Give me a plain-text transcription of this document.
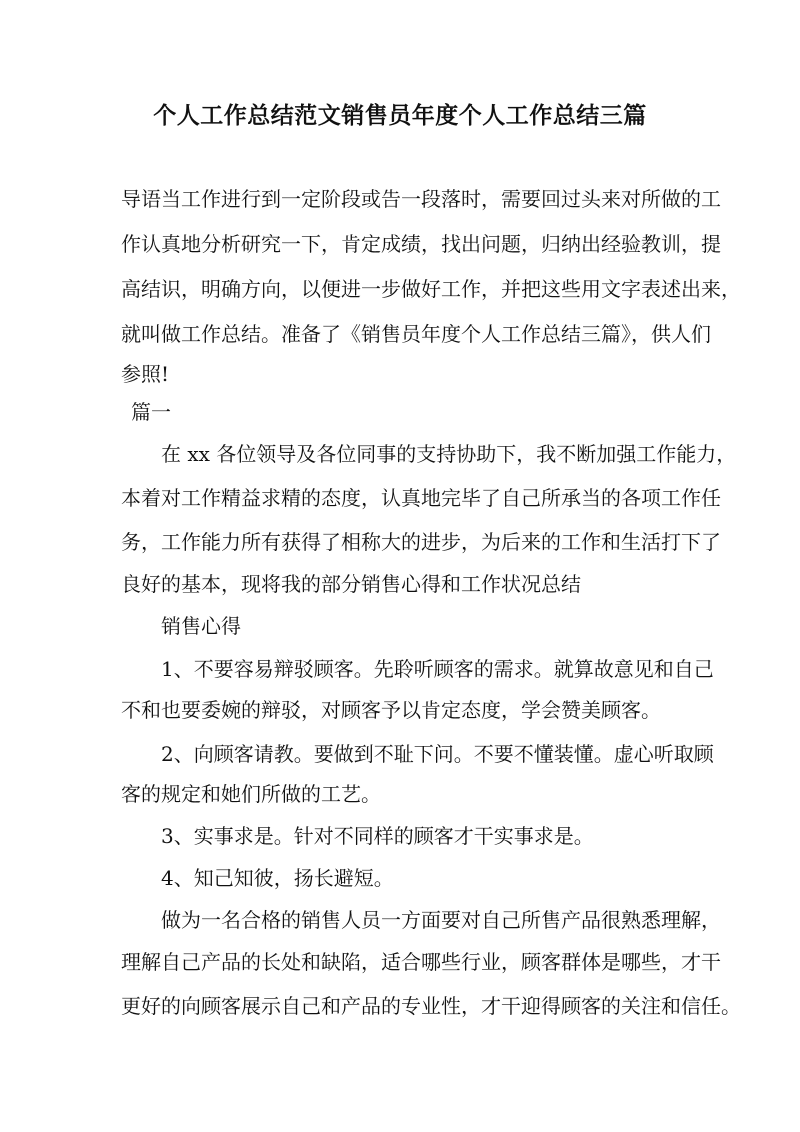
个人工作总结范文销售员年度个人工作总结三篇
导语当工作进行到一定阶段或告一段落时，需要回过头来对所做的工
作认真地分析研究一下，肯定成绩，找出问题，归纳出经验教训，提
高结识，明确方向，以便进一步做好工作，并把这些用文字表述出来，
就叫做工作总结。准备了《销售员年度个人工作总结三篇》，供人们
参照!
篇一
在 xx 各位领导及各位同事的支持协助下，我不断加强工作能力，
本着对工作精益求精的态度，认真地完毕了自己所承当的各项工作任
务，工作能力所有获得了相称大的进步，为后来的工作和生活打下了
良好的基本，现将我的部分销售心得和工作状况总结
销售心得
1、不要容易辩驳顾客。先聆听顾客的需求。就算故意见和自己
不和也要委婉的辩驳，对顾客予以肯定态度，学会赞美顾客。
2、向顾客请教。要做到不耻下问。不要不懂装懂。虚心听取顾
客的规定和她们所做的工艺。
3、实事求是。针对不同样的顾客才干实事求是。
4、知己知彼，扬长避短。
做为一名合格的销售人员一方面要对自己所售产品很熟悉理解，
理解自己产品的长处和缺陷，适合哪些行业，顾客群体是哪些，才干
更好的向顾客展示自己和产品的专业性，才干迎得顾客的关注和信任。
